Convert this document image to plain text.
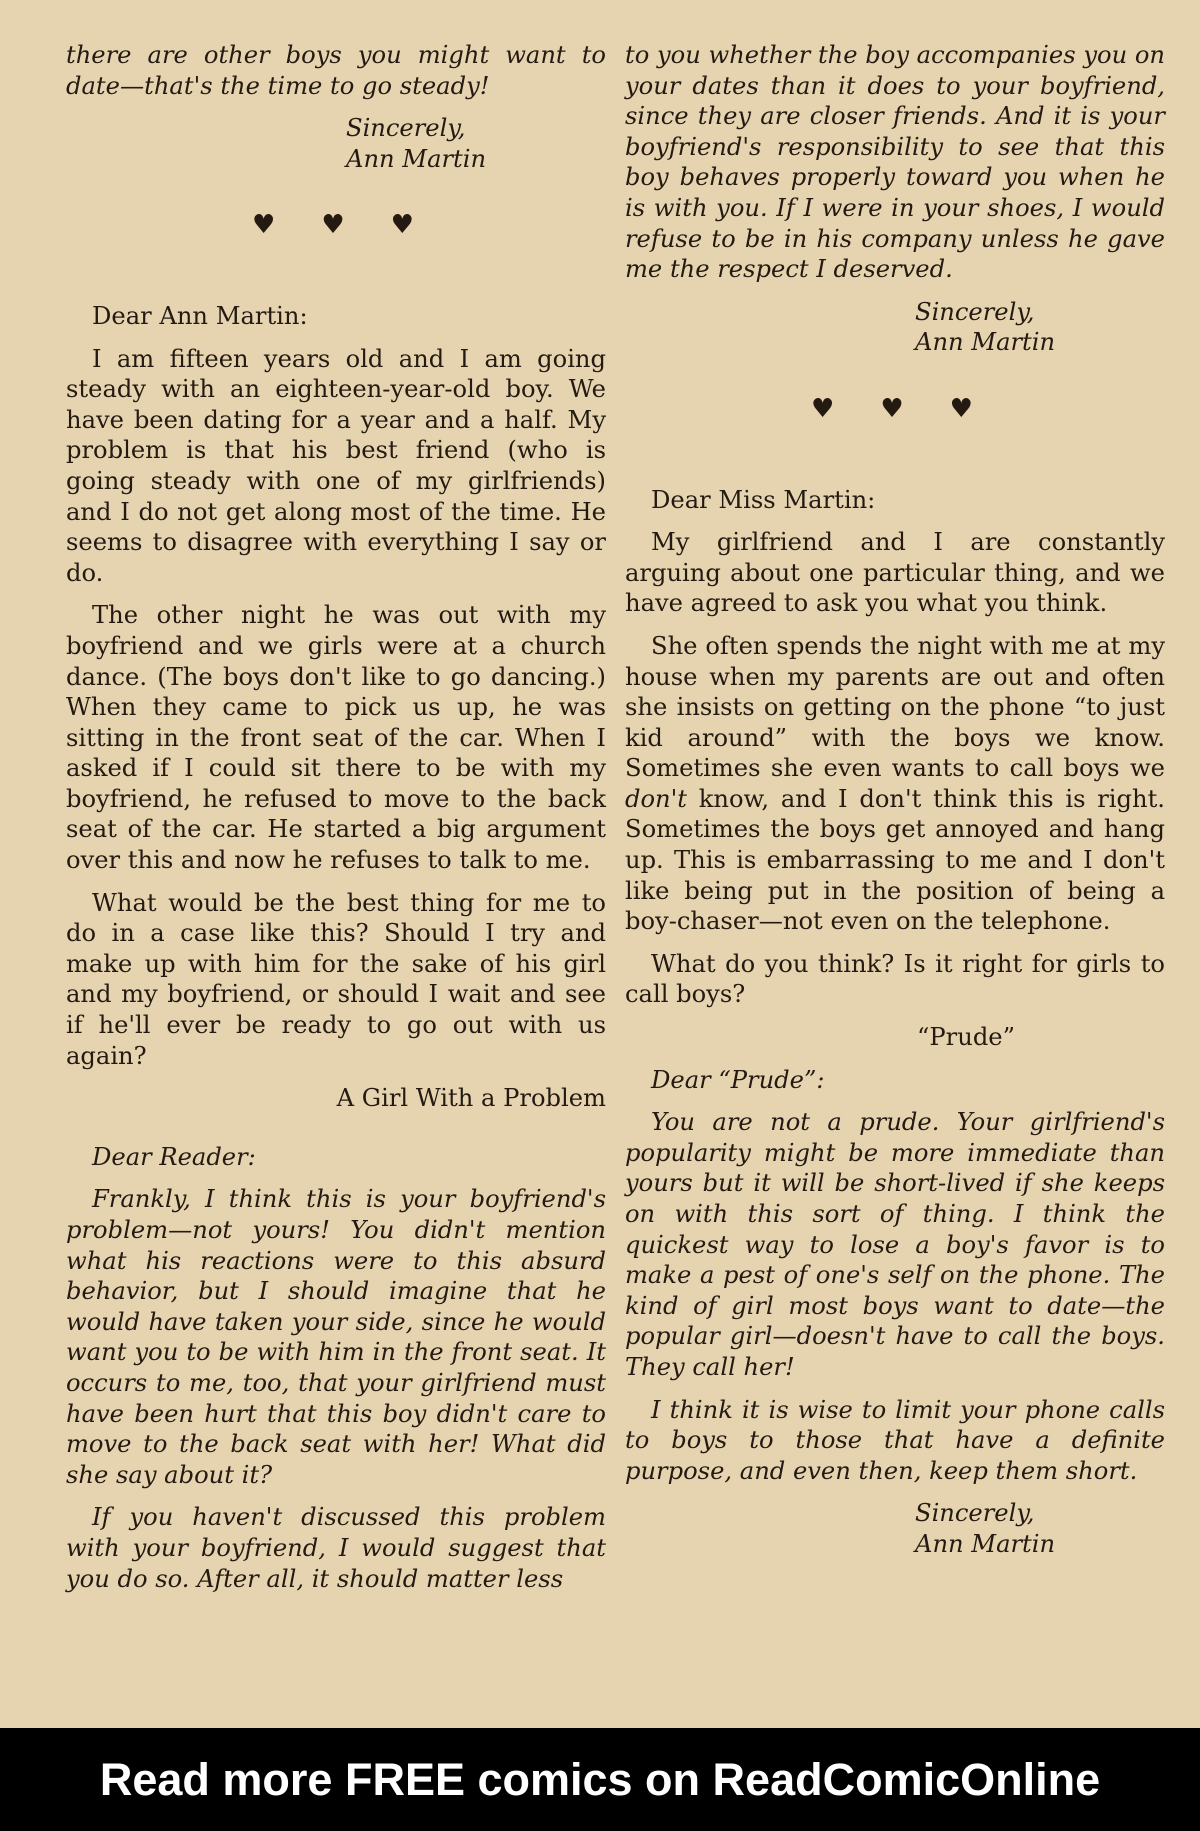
there are other boys you might want to date—that's the time to go steady!

Sincerely,
Ann Martin
♥♥♥

Dear Ann Martin:

I am fifteen years old and I am going steady with an eighteen-year-old boy. We have been dating for a year and a half. My problem is that his best friend (who is going steady with one of my girlfriends) and I do not get along most of the time. He seems to disagree with everything I say or do.

The other night he was out with my boyfriend and we girls were at a church dance. (The boys don't like to go dancing.) When they came to pick us up, he was sitting in the front seat of the car. When I asked if I could sit there to be with my boyfriend, he refused to move to the back seat of the car. He started a big argument over this and now he refuses to talk to me.

What would be the best thing for me to do in a case like this? Should I try and make up with him for the sake of his girl and my boyfriend, or should I wait and see if he'll ever be ready to go out with us again?

A Girl With a Problem

Dear Reader:

Frankly, I think this is your boyfriend's problem—not yours! You didn't mention what his reactions were to this absurd behavior, but I should imagine that he would have taken your side, since he would want you to be with him in the front seat. It occurs to me, too, that your girlfriend must have been hurt that this boy didn't care to move to the back seat with her! What did she say about it?

If you haven't discussed this problem with your boyfriend, I would suggest that you do so. After all, it should matter less

to you whether the boy accompanies you on your dates than it does to your boyfriend, since they are closer friends. And it is your boyfriend's responsibility to see that this boy behaves properly toward you when he is with you. If I were in your shoes, I would refuse to be in his company unless he gave me the respect I deserved.

Sincerely,
Ann Martin
♥♥♥

Dear Miss Martin:

My girlfriend and I are constantly arguing about one particular thing, and we have agreed to ask you what you think.

She often spends the night with me at my house when my parents are out and often she insists on getting on the phone “to just kid around” with the boys we know. Sometimes she even wants to call boys we don't know, and I don't think this is right. Sometimes the boys get annoyed and hang up. This is embarrassing to me and I don't like being put in the position of being a boy-chaser—not even on the telephone.

What do you think? Is it right for girls to call boys?

“Prude”

Dear “Prude”:

You are not a prude. Your girlfriend's popularity might be more immediate than yours but it will be short-lived if she keeps on with this sort of thing. I think the quickest way to lose a boy's favor is to make a pest of one's self on the phone. The kind of girl most boys want to date—the popular girl—doesn't have to call the boys. They call her!

I think it is wise to limit your phone calls to boys to those that have a definite purpose, and even then, keep them short.

Sincerely,
Ann Martin
Read more FREE comics on ReadComicOnline
